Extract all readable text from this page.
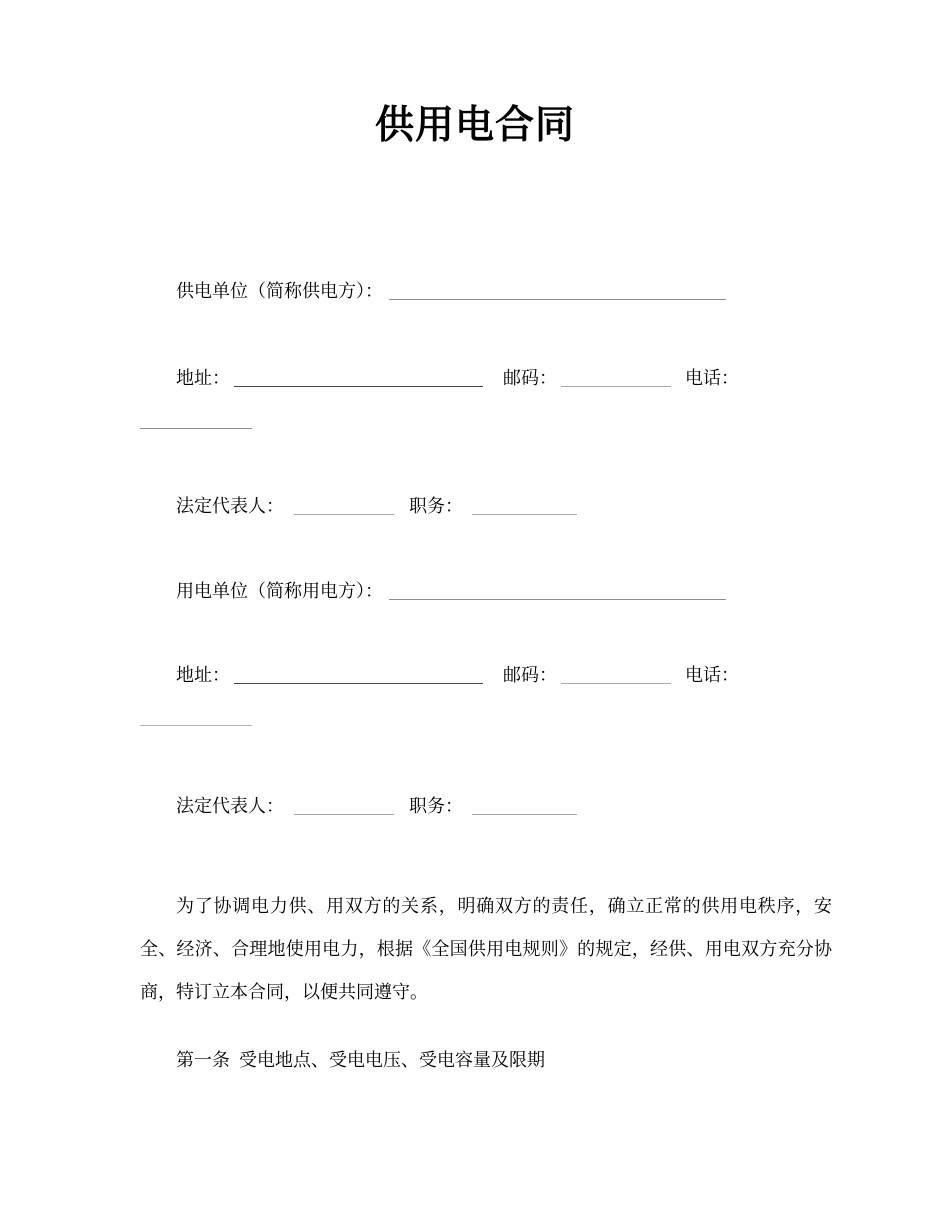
供用电合同
供电单位（简称供电方）：
地址：	邮码：	电话：
法定代表人：	职务：
用电单位（简称用电方）：
地址：	邮码：	电话：
法定代表人：	职务：

为了协调电力供、用双方的关系，明确双方的责任，确立正常的供用电秩序，安全、经济、合理地使用电力，根据《全国供用电规则》的规定，经供、用电双方充分协商，特订立本合同，以便共同遵守。

第一条 受电地点、受电电压、受电容量及限期
